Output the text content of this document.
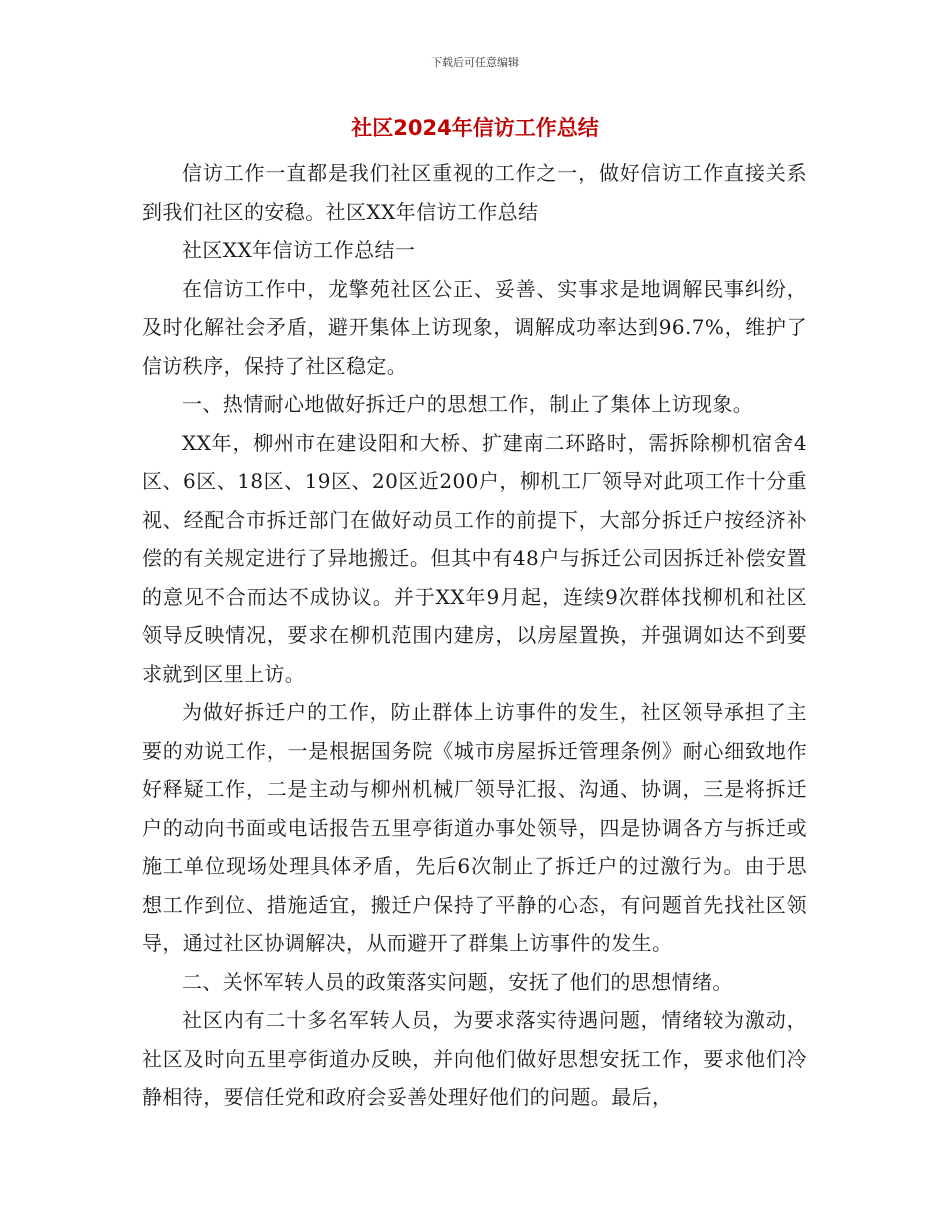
下载后可任意编辑
社区2024年信访工作总结

信访工作一直都是我们社区重视的工作之一，做好信访工作直接关系到我们社区的安稳。社区XX年信访工作总结

社区XX年信访工作总结一

在信访工作中，龙擎苑社区公正、妥善、实事求是地调解民事纠纷，及时化解社会矛盾，避开集体上访现象，调解成功率达到96.7%，维护了信访秩序，保持了社区稳定。

一、热情耐心地做好拆迁户的思想工作，制止了集体上访现象。

XX年，柳州市在建设阳和大桥、扩建南二环路时，需拆除柳机宿舍4区、6区、18区、19区、20区近200户，柳机工厂领导对此项工作十分重视、经配合市拆迁部门在做好动员工作的前提下，大部分拆迁户按经济补偿的有关规定进行了异地搬迁。但其中有48户与拆迁公司因拆迁补偿安置的意见不合而达不成协议。并于XX年9月起，连续9次群体找柳机和社区领导反映情况，要求在柳机范围内建房，以房屋置换，并强调如达不到要求就到区里上访。

为做好拆迁户的工作，防止群体上访事件的发生，社区领导承担了主要的劝说工作，一是根据国务院《城市房屋拆迁管理条例》耐心细致地作好释疑工作，二是主动与柳州机械厂领导汇报、沟通、协调，三是将拆迁户的动向书面或电话报告五里亭街道办事处领导，四是协调各方与拆迁或施工单位现场处理具体矛盾，先后6次制止了拆迁户的过激行为。由于思想工作到位、措施适宜，搬迁户保持了平静的心态，有问题首先找社区领导，通过社区协调解决，从而避开了群集上访事件的发生。

二、关怀军转人员的政策落实问题，安抚了他们的思想情绪。

社区内有二十多名军转人员，为要求落实待遇问题，情绪较为激动，社区及时向五里亭街道办反映，并向他们做好思想安抚工作，要求他们冷静相待，要信任党和政府会妥善处理好他们的问题。最后，
